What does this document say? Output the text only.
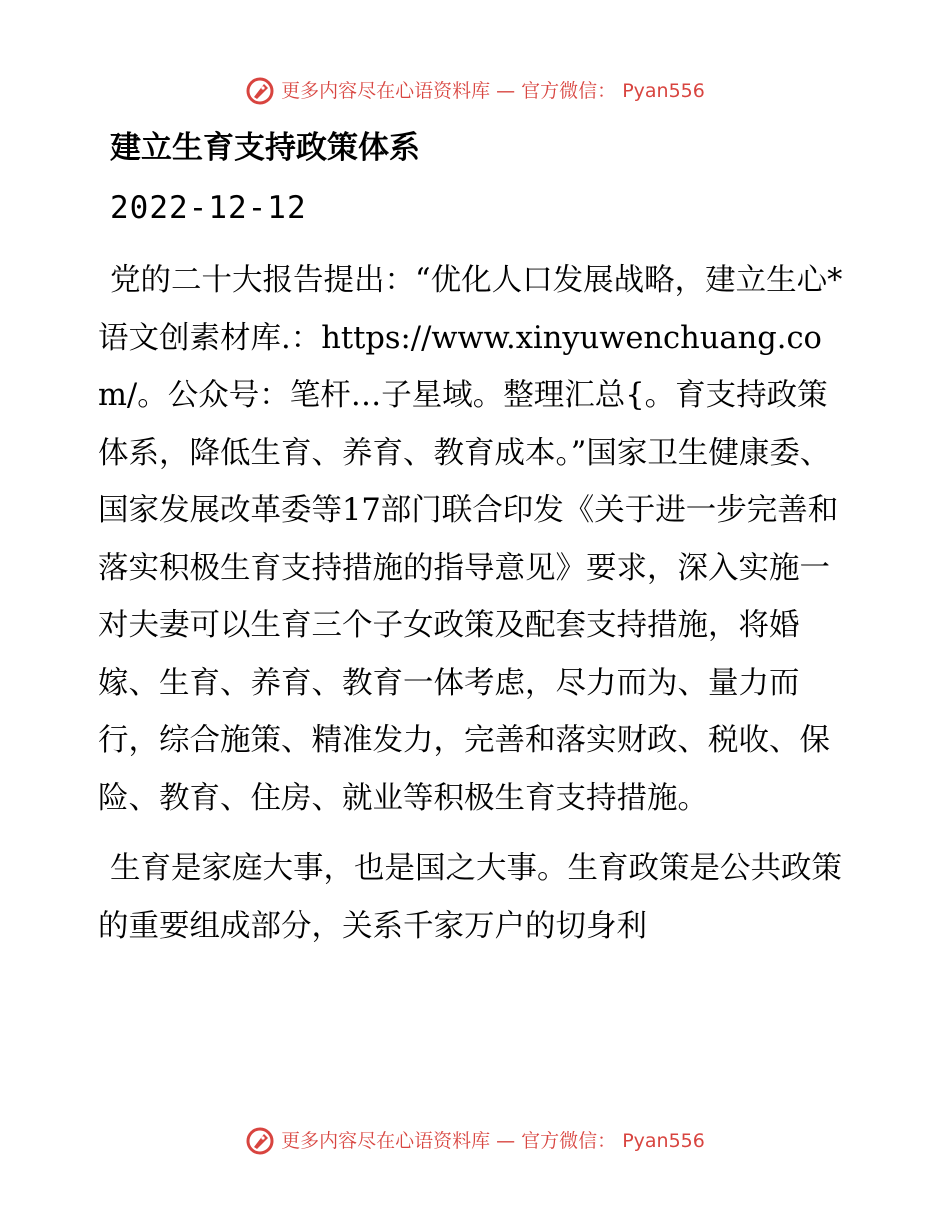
更多内容尽在心语资料库 — 官方微信： Pyan556
建立生育支持政策体系
2022-12-12

党的二十大报告提出：“优化人口发展战略，建立生心*语文创素材库.：https://www.xinyuwenchuang.com/。公众号：笔杆…子星域。整理汇总{。育支持政策体系，降低生育、养育、教育成本。”国家卫生健康委、国家发展改革委等17部门联合印发《关于进一步完善和落实积极生育支持措施的指导意见》要求，深入实施一对夫妻可以生育三个子女政策及配套支持措施，将婚嫁、生育、养育、教育一体考虑，尽力而为、量力而行，综合施策、精准发力，完善和落实财政、税收、保险、教育、住房、就业等积极生育支持措施。

生育是家庭大事，也是国之大事。生育政策是公共政策的重要组成部分，关系千家万户的切身利

更多内容尽在心语资料库 — 官方微信： Pyan556
